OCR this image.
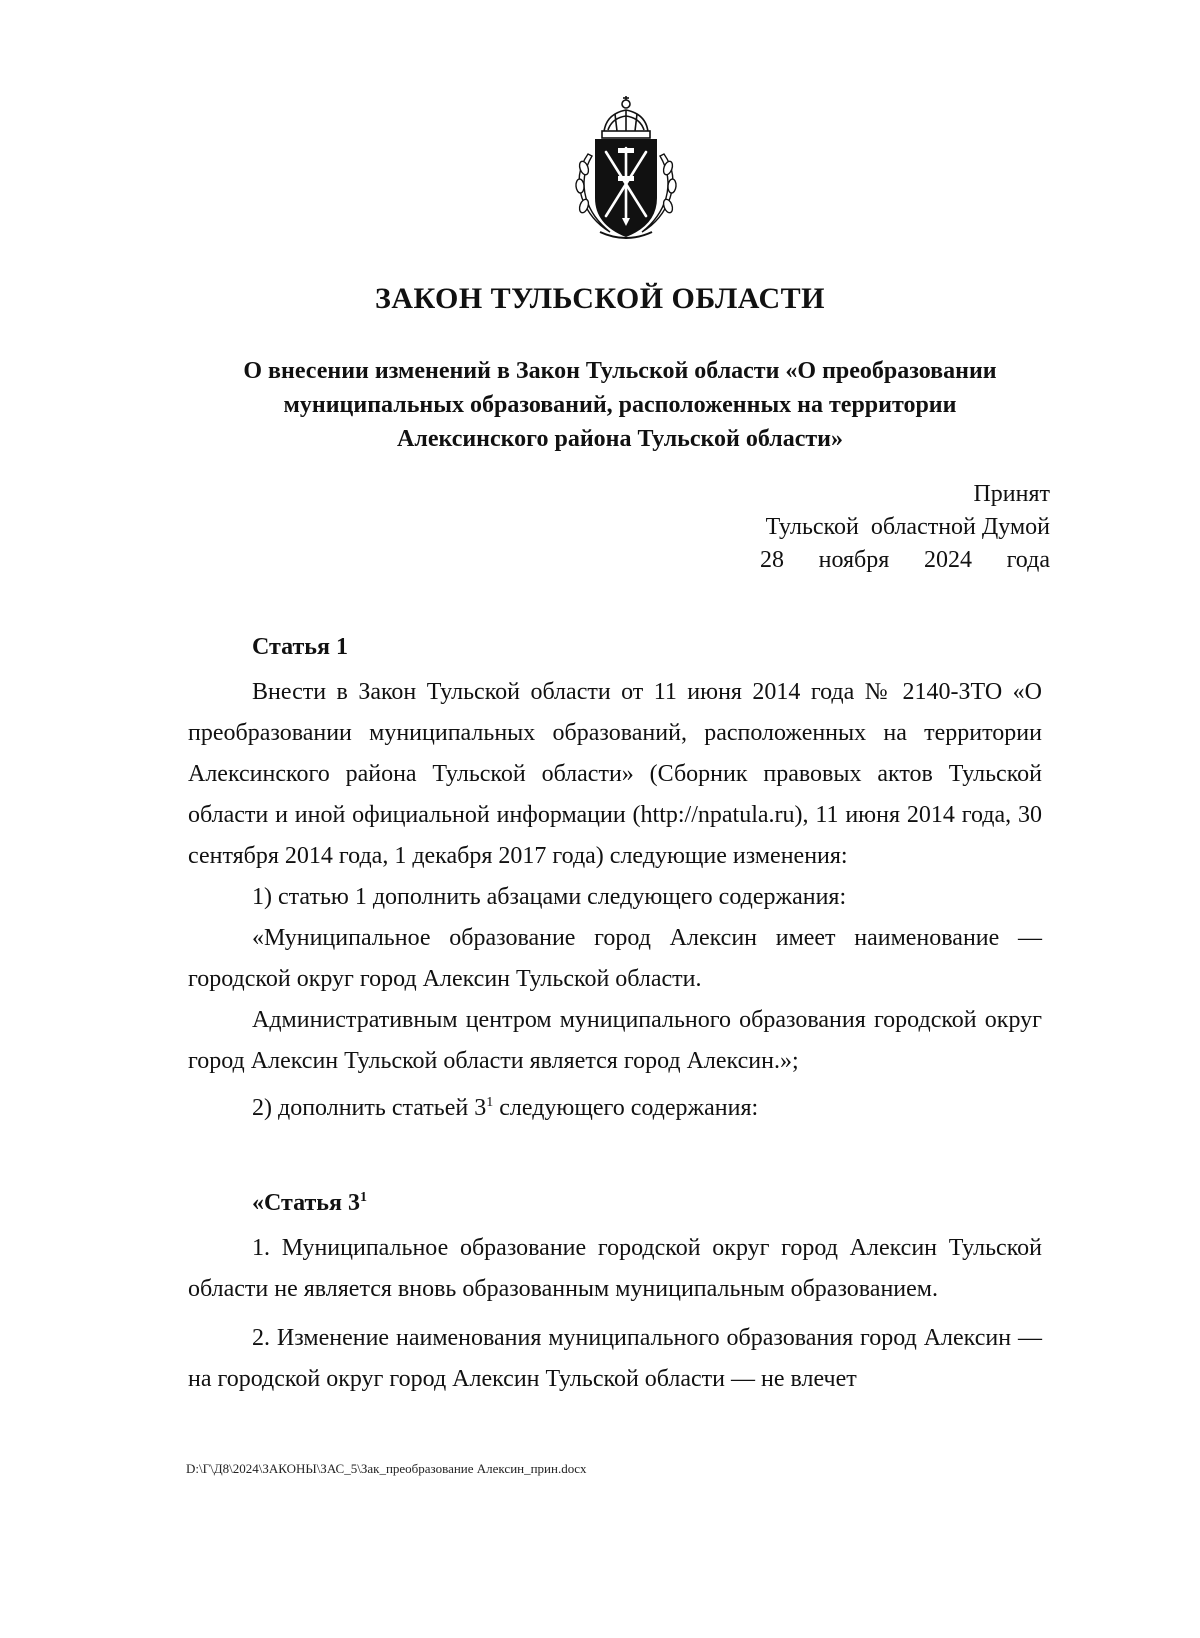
ЗАКОН ТУЛЬСКОЙ ОБЛАСТИ
О внесении изменений в Закон Тульской области «О преобразовании
муниципальных образований, расположенных на территории
Алексинского района Тульской области»
Принят
Тульской  областной Думой
28 ноября 2024 года
Статья 1

Внести в Закон Тульской области от 11 июня 2014 года № 2140-ЗТО «О преобразовании муниципальных образований, расположенных на территории Алексинского района Тульской области» (Сборник правовых актов Тульской области и иной официальной информации (http://npatula.ru), 11 июня 2014 года, 30 сентября 2014 года, 1 декабря 2017 года) следующие изменения:

1) статью 1 дополнить абзацами следующего содержания:

«Муниципальное образование город Алексин имеет наименование — городской округ город Алексин Тульской области.

Административным центром муниципального образования городской округ город Алексин Тульской области является город Алексин.»;

2) дополнить статьей $3^1$ следующего содержания:

«Статья $3^1$

1. Муниципальное образование городской округ город Алексин Тульской области не является вновь образованным муниципальным образованием.

2. Изменение наименования муниципального образования город Алексин — на городской округ город Алексин Тульской области — не влечет

D:\Г\Д8\2024\ЗАКОНЫ\ЗАС_5\Зак_преобразование Алексин_прин.docx
